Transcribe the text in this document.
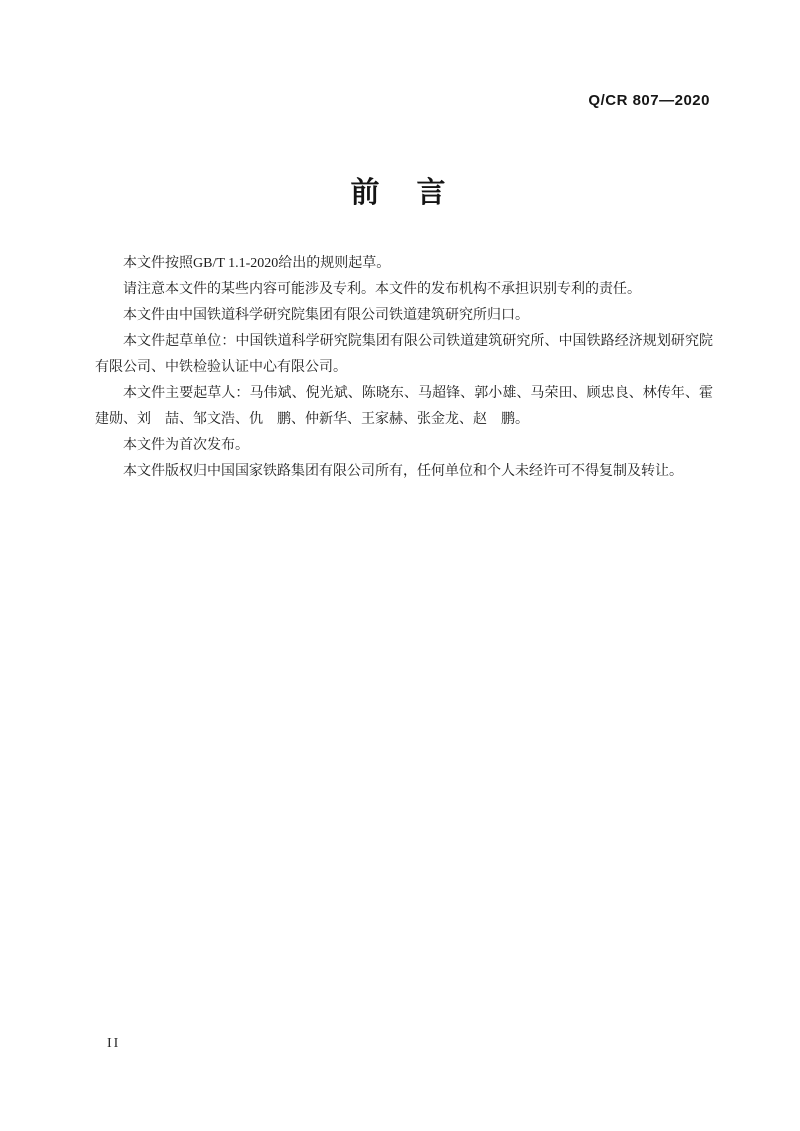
Q/CR 807—2020
前　言

本文件按照GB/T 1.1-2020给出的规则起草。

请注意本文件的某些内容可能涉及专利。本文件的发布机构不承担识别专利的责任。

本文件由中国铁道科学研究院集团有限公司铁道建筑研究所归口。

本文件起草单位：中国铁道科学研究院集团有限公司铁道建筑研究所、中国铁路经济规划研究院有限公司、中铁检验认证中心有限公司。

本文件主要起草人：马伟斌、倪光斌、陈晓东、马超锋、郭小雄、马荣田、顾忠良、林传年、霍建勋、刘　喆、邹文浩、仇　鹏、仲新华、王家赫、张金龙、赵　鹏。

本文件为首次发布。

本文件版权归中国国家铁路集团有限公司所有，任何单位和个人未经许可不得复制及转让。

II
